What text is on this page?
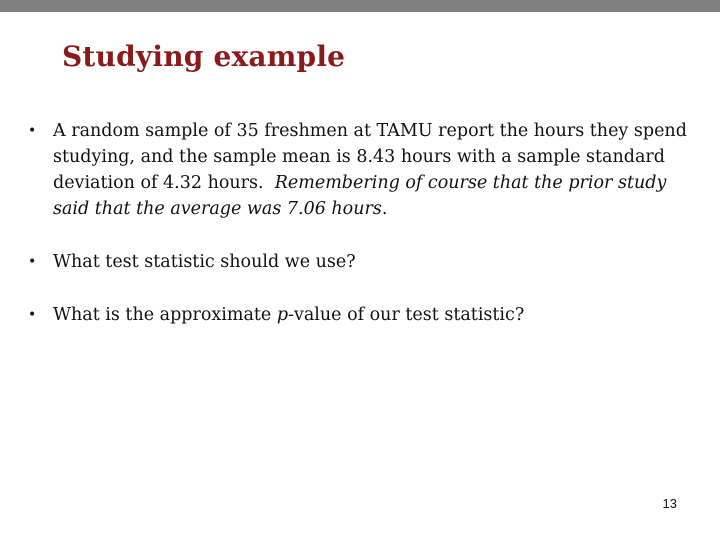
Studying example
• A random sample of 35 freshmen at TAMU report the hours they spend studying, and the sample mean is 8.43 hours with a sample standard deviation of 4.32 hours. Remembering of course that the prior study said that the average was 7.06 hours.
• What test statistic should we use?
• What is the approximate p-value of our test statistic?
13
